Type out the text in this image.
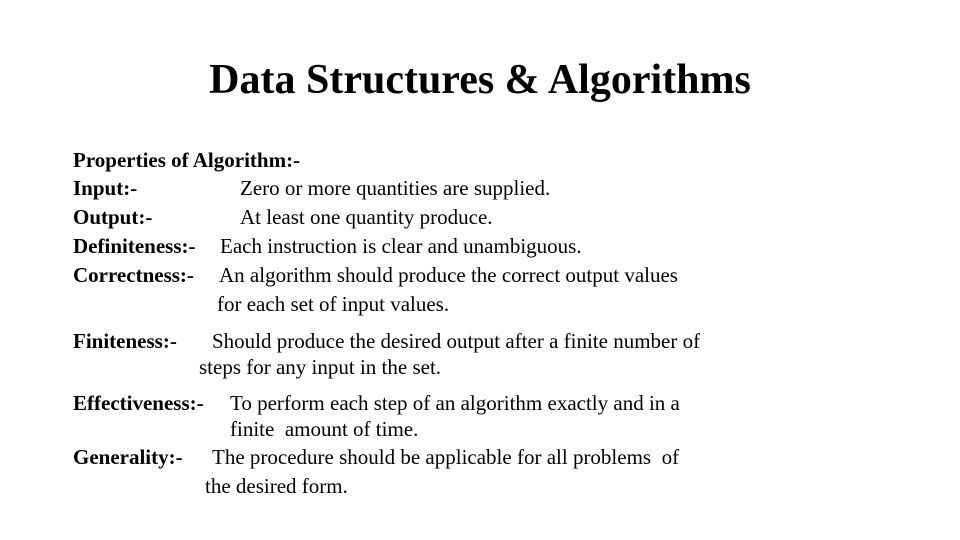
Data Structures & Algorithms
Properties of Algorithm:-
Input:-	Zero or more quantities are supplied.
Output:-	At least one quantity produce.
Definiteness:- Each instruction is clear and unambiguous.
Correctness:- An algorithm should produce the correct output values
for each set of input values.
Finiteness:- Should produce the desired output after a finite number of
steps for any input in the set.
Effectiveness:- To perform each step of an algorithm exactly and in a
finite  amount of time.
Generality:- The procedure should be applicable for all problems  of
the desired form.
